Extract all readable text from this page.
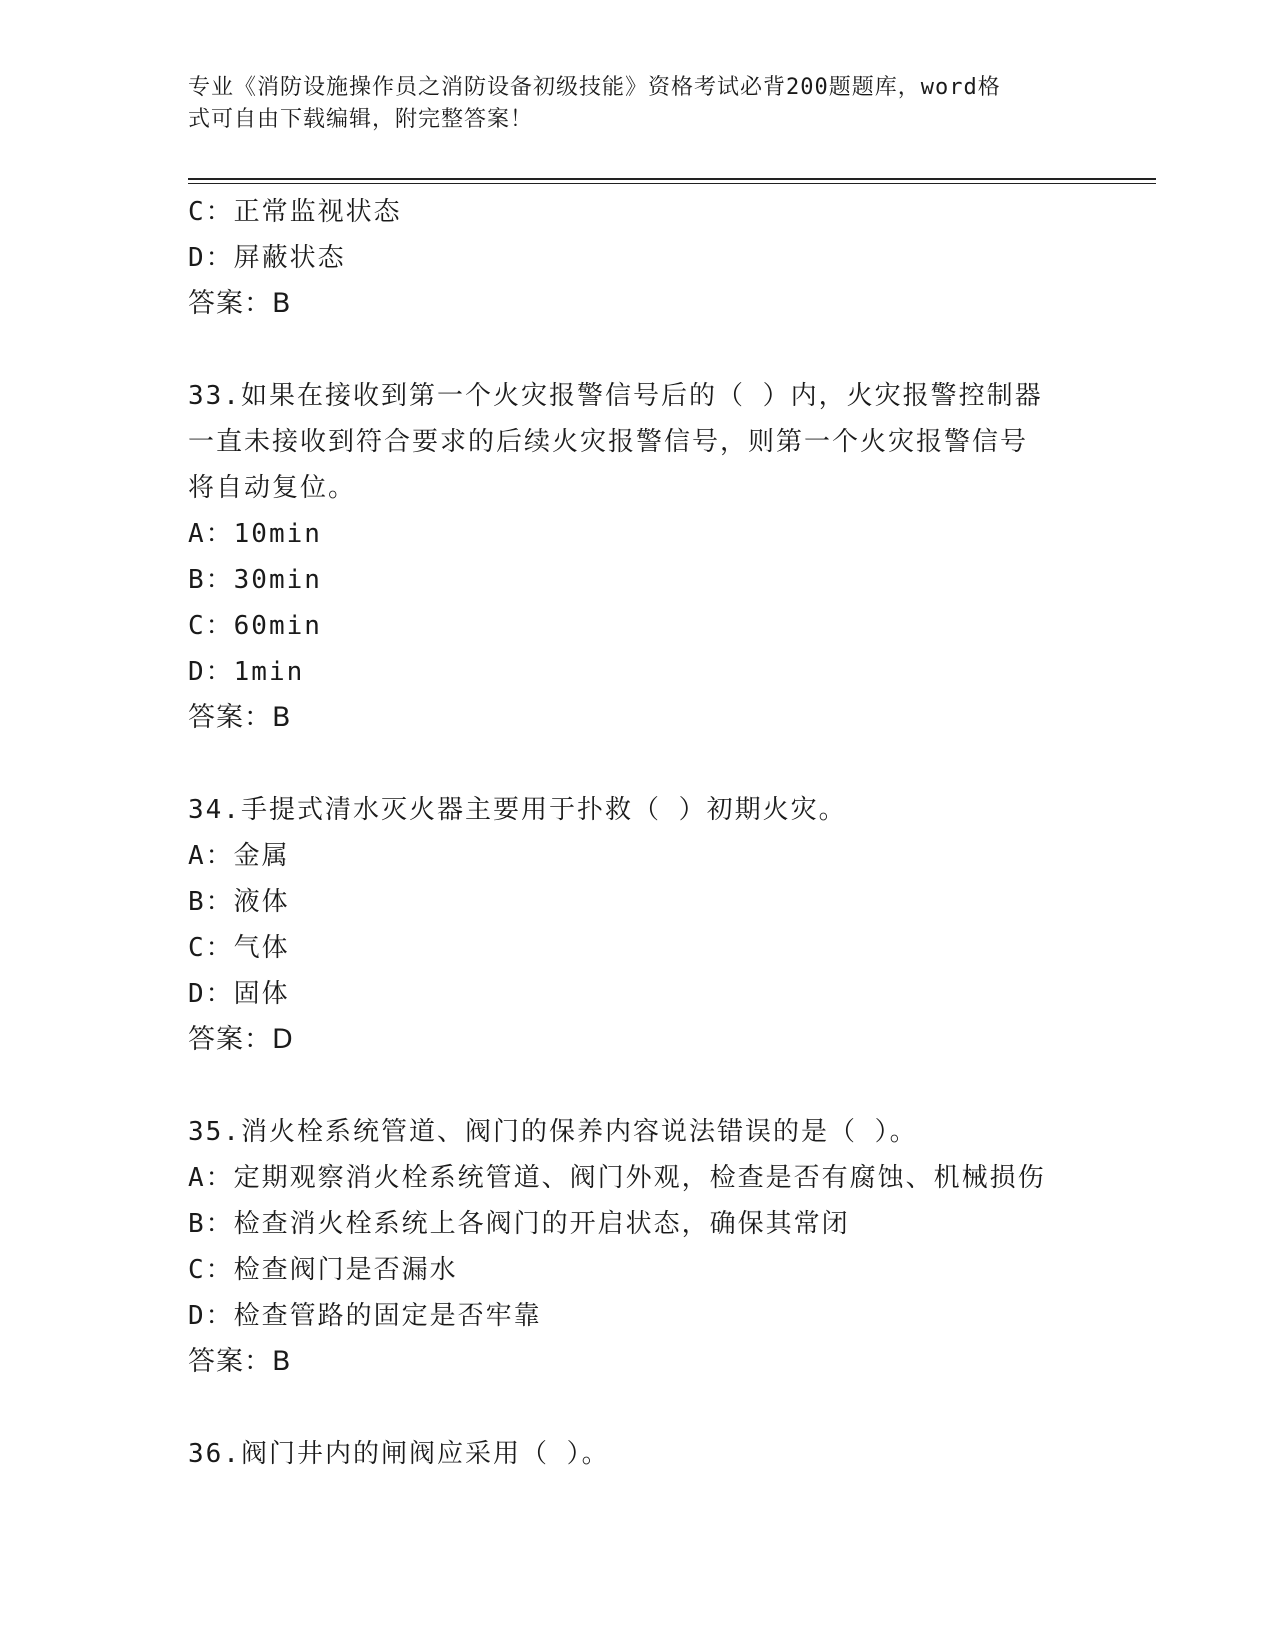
专业《消防设施操作员之消防设备初级技能》资格考试必背200题题库，word格
式可自由下载编辑，附完整答案！
C：正常监视状态
D：屏蔽状态
答案：B
33.如果在接收到第一个火灾报警信号后的（ ）内，火灾报警控制器
一直未接收到符合要求的后续火灾报警信号，则第一个火灾报警信号
将自动复位。
A：10min
B：30min
C：60min
D：1min
答案：B
34.手提式清水灭火器主要用于扑救（ ）初期火灾。
A：金属
B：液体
C：气体
D：固体
答案：D
35.消火栓系统管道、阀门的保养内容说法错误的是（ ）。
A：定期观察消火栓系统管道、阀门外观，检查是否有腐蚀、机械损伤
B：检查消火栓系统上各阀门的开启状态，确保其常闭
C：检查阀门是否漏水
D：检查管路的固定是否牢靠
答案：B
36.阀门井内的闸阀应采用（ ）。
